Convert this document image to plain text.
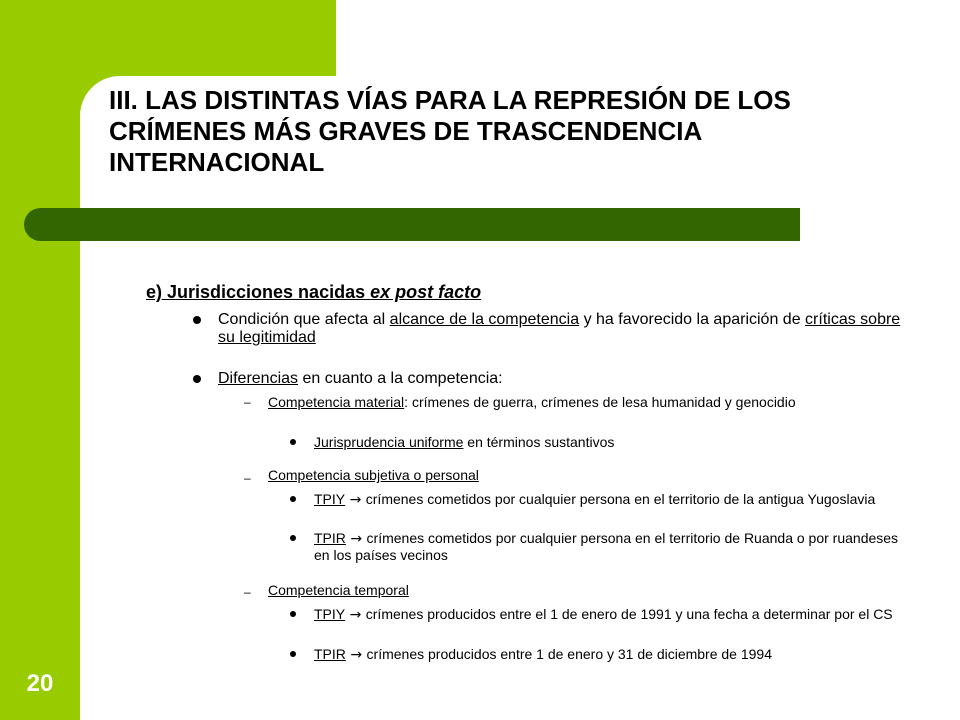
III. LAS DISTINTAS VÍAS PARA LA REPRESIÓN DE LOS CRÍMENES MÁS GRAVES DE TRASCENDENCIA INTERNACIONAL
20
e) Jurisdicciones nacidas ex post facto
Condición que afecta al alcance de la competencia y ha favorecido la aparición de críticas sobre su legitimidad
Diferencias en cuanto a la competencia:
– Competencia material: crímenes de guerra, crímenes de lesa humanidad y genocidio
Jurisprudencia uniforme en términos sustantivos
– Competencia subjetiva o personal
TPIY → crímenes cometidos por cualquier persona en el territorio de la antigua Yugoslavia
TPIR → crímenes cometidos por cualquier persona en el territorio de Ruanda o por ruandeses en los países vecinos
– Competencia temporal
TPIY → crímenes producidos entre el 1 de enero de 1991 y una fecha a determinar por el CS
TPIR → crímenes producidos entre 1 de enero y 31 de diciembre de 1994
